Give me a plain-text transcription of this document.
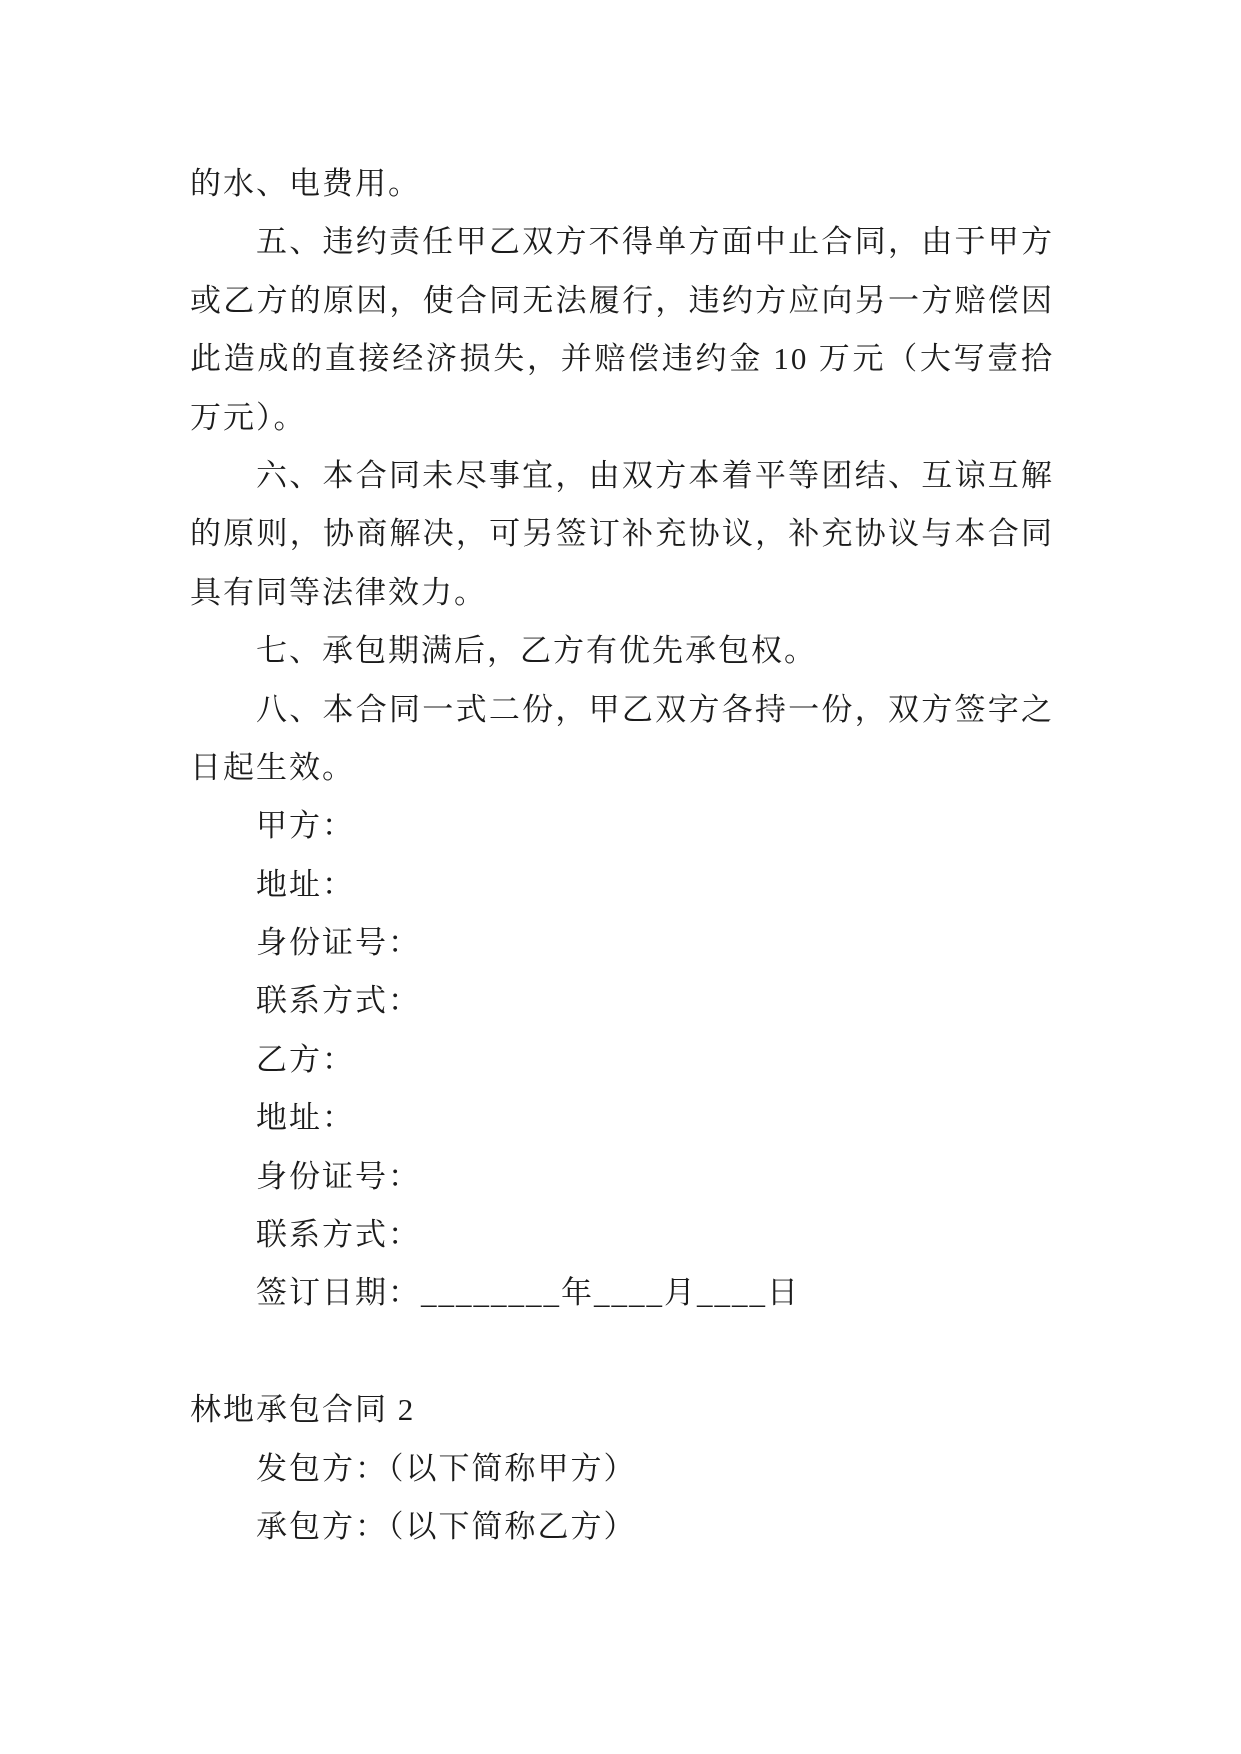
的水、电费用。
五、违约责任甲乙双方不得单方面中止合同，由于甲方
或乙方的原因，使合同无法履行，违约方应向另一方赔偿因
此造成的直接经济损失，并赔偿违约金 10 万元（大写壹拾
万元）。
六、本合同未尽事宜，由双方本着平等团结、互谅互解
的原则，协商解决，可另签订补充协议，补充协议与本合同
具有同等法律效力。
七、承包期满后，乙方有优先承包权。
八、本合同一式二份，甲乙双方各持一份，双方签字之
日起生效。
甲方：
地址：
身份证号：
联系方式：
乙方：
地址：
身份证号：
联系方式：
签订日期：________年____月____日
林地承包合同 2
发包方：（以下简称甲方）
承包方：（以下简称乙方）
